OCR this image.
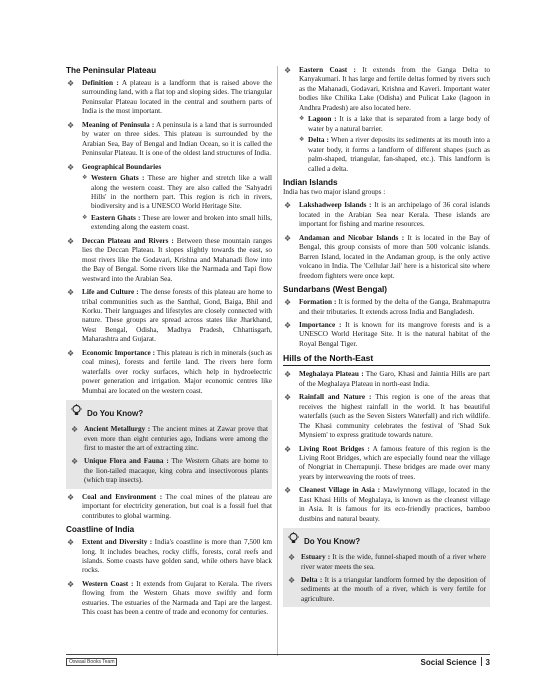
The Peninsular Plateau
❖ Definition : A plateau is a landform that is raised above the surrounding land, with a flat top and sloping sides. The triangular Peninsular Plateau located in the central and southern parts of India is the most important.
❖ Meaning of Peninsula : A peninsula is a land that is surrounded by water on three sides. This plateau is surrounded by the Arabian Sea, Bay of Bengal and Indian Ocean, so it is called the Peninsular Plateau. It is one of the oldest land structures of India.
❖ Geographical Boundaries
❖ Western Ghats : These are higher and stretch like a wall along the western coast. They are also called the 'Sahyadri Hills' in the northern part. This region is rich in rivers, biodiversity and is a UNESCO World Heritage Site.
❖ Eastern Ghats : These are lower and broken into small hills, extending along the eastern coast.
❖ Deccan Plateau and Rivers : Between these mountain ranges lies the Deccan Plateau. It slopes slightly towards the east, so most rivers like the Godavari, Krishna and Mahanadi flow into the Bay of Bengal. Some rivers like the Narmada and Tapi flow westward into the Arabian Sea.
❖ Life and Culture : The dense forests of this plateau are home to tribal communities such as the Santhal, Gond, Baiga, Bhil and Korku. Their languages and lifestyles are closely connected with nature. These groups are spread across states like Jharkhand, West Bengal, Odisha, Madhya Pradesh, Chhattisgarh, Maharashtra and Gujarat.
❖ Economic Importance : This plateau is rich in minerals (such as coal mines), forests and fertile land. The rivers here form waterfalls over rocky surfaces, which help in hydroelectric power generation and irrigation. Major economic centres like Mumbai are located on the western coast.
Do You Know?
❖ Ancient Metallurgy : The ancient mines at Zawar prove that even more than eight centuries ago, Indians were among the first to master the art of extracting zinc.
❖ Unique Flora and Fauna : The Western Ghats are home to the lion-tailed macaque, king cobra and insectivorous plants (which trap insects).
❖ Coal and Environment : The coal mines of the plateau are important for electricity generation, but coal is a fossil fuel that contributes to global warming.
Coastline of India
❖ Extent and Diversity : India's coastline is more than 7,500 km long. It includes beaches, rocky cliffs, forests, coral reefs and islands. Some coasts have golden sand, while others have black rocks.
❖ Western Coast : It extends from Gujarat to Kerala. The rivers flowing from the Western Ghats move swiftly and form estuaries. The estuaries of the Narmada and Tapi are the largest. This coast has been a centre of trade and economy for centuries.
❖ Eastern Coast : It extends from the Ganga Delta to Kanyakumari. It has large and fertile deltas formed by rivers such as the Mahanadi, Godavari, Krishna and Kaveri. Important water bodies like Chilika Lake (Odisha) and Pulicat Lake (lagoon in Andhra Pradesh) are also located here.
❖ Lagoon : It is a lake that is separated from a large body of water by a natural barrier.
❖ Delta : When a river deposits its sediments at its mouth into a water body, it forms a landform of different shapes (such as palm-shaped, triangular, fan-shaped, etc.). This landform is called a delta.
Indian Islands
India has two major island groups :
❖ Lakshadweep Islands : It is an archipelago of 36 coral islands located in the Arabian Sea near Kerala. These islands are important for fishing and marine resources.
❖ Andaman and Nicobar Islands : It is located in the Bay of Bengal, this group consists of more than 500 volcanic islands. Barren Island, located in the Andaman group, is the only active volcano in India. The 'Cellular Jail' here is a historical site where freedom fighters were once kept.
Sundarbans (West Bengal)
❖ Formation : It is formed by the delta of the Ganga, Brahmaputra and their tributaries. It extends across India and Bangladesh.
❖ Importance : It is known for its mangrove forests and is a UNESCO World Heritage Site. It is the natural habitat of the Royal Bengal Tiger.
Hills of the North-East
❖ Meghalaya Plateau : The Garo, Khasi and Jaintia Hills are part of the Meghalaya Plateau in north-east India.
❖ Rainfall and Nature : This region is one of the areas that receives the highest rainfall in the world. It has beautiful waterfalls (such as the Seven Sisters Waterfall) and rich wildlife. The Khasi community celebrates the festival of 'Shad Suk Mynsiem' to express gratitude towards nature.
❖ Living Root Bridges : A famous feature of this region is the Living Root Bridges, which are especially found near the village of Nongriat in Cherrapunji. These bridges are made over many years by interweaving the roots of trees.
❖ Cleanest Village in Asia : Mawlynnong village, located in the East Khasi Hills of Meghalaya, is known as the cleanest village in Asia. It is famous for its eco-friendly practices, bamboo dustbins and natural beauty.
Do You Know?
❖ Estuary : It is the wide, funnel-shaped mouth of a river where river water meets the sea.
❖ Delta : It is a triangular landform formed by the deposition of sediments at the mouth of a river, which is very fertile for agriculture.
Oswaal Books Team	Social Science 3
